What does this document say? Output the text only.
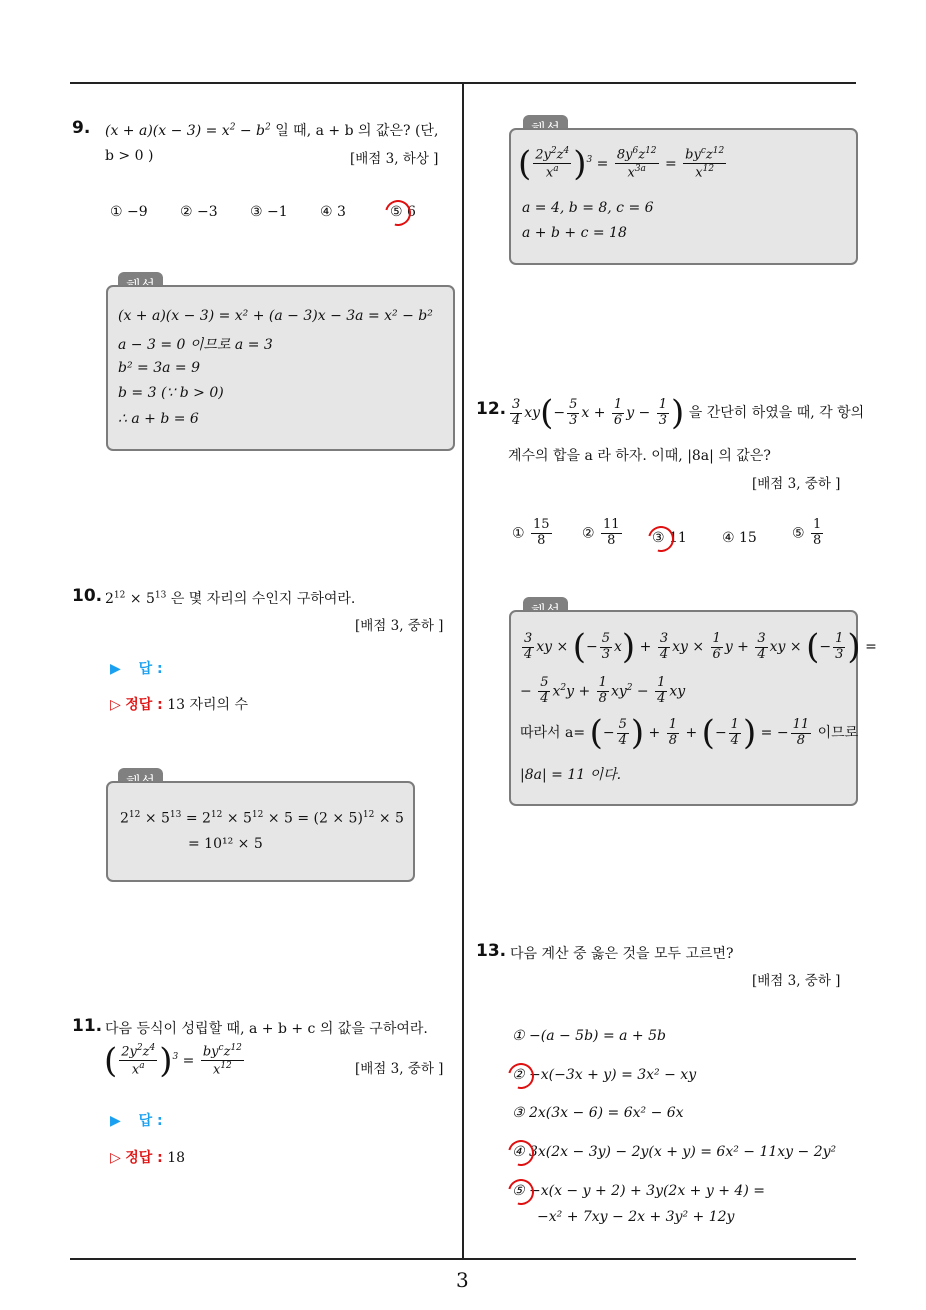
3
9. $(x + a)(x - 3) = x^2 - b^2$ 일 때, a + b 의 값은? (단,
b > 0 )	[배점 3, 하상 ]
① −9 ② −3 ③ −1 ④ 3	⑤ 6
(x + a)(x − 3) = x² + (a − 3)x − 3a = x² − b²
a − 3 = 0 이므로 a = 3
b² = 3a = 9
b = 3 (∵ b > 0)
∴ a + b = 6
10. $2^{12} \times 5^{13}$ 은 몇 자리의 수인지 구하여라.
[배점 3, 중하 ]
▶ 답 :
▷ 정답 : 13 자리의 수
$2^{12} \times 5^{13} = 2^{12} \times 5^{12} \times 5 = (2 \times 5)^{12} \times 5$
= 10¹² × 5
11. 다음 등식이 성립할 때, a + b + c 의 값을 구하여라.
( $\frac{2y^2z^4}{x^a} )^3 = \frac{by^cz^{12}}{x^{12}}$	[배점 3, 중하 ]
▶ 답 :
▷ 정답 : 18
( $\frac{2y^2z^4}{x^a} )^3 = \frac{8y^6z^{12}}{x^{3a}} = \frac{by^cz^{12}}{x^{12}}$
a = 4, b = 8, c = 6
a + b + c = 18
12. $\frac{3}{4} xy(- \frac{5}{3}$ $x + \frac{1}{6}$ $y - \frac{1}{3}$ ) 을 간단히 하였을 때, 각 항의
계수의 합을 a 라 하자. 이때, |8a| 의 값은?
[배점 3, 중하 ]
① $\frac{15}{8}$ ② $\frac{11}{8}$ ③ 11	④ 15	⑤ $\frac{1}{8}$
$\frac{3}{4}$ xy × (− $\frac{5}{3} x) + \frac{3}{4}$ xy × $\frac{1}{6}$ $y + \frac{3}{4}$ xy × (− $\frac{1}{3}$ ) =
− $\frac{5}{4} x^2y + \frac{1}{8} xy^2 - \frac{1}{4}$ xy
따라서 a= (− $\frac{5}{4}$ ) + $\frac{1}{8}$ + (− $\frac{1}{4}$ ) = − $\frac{11}{8}$ 이므로
|8a| = 11 이다.
13. 다음 계산 중 옳은 것을 모두 고르면?
[배점 3, 중하 ]
① −(a − 5b) = a + 5b
② −x(−3x + y) = 3x² − xy
③ 2x(3x − 6) = 6x² − 6x
④ 3x(2x − 3y) − 2y(x + y) = 6x² − 11xy − 2y²
⑤ −x(x − y + 2) + 3y(2x + y + 4) =
−x² + 7xy − 2x + 3y² + 12y
